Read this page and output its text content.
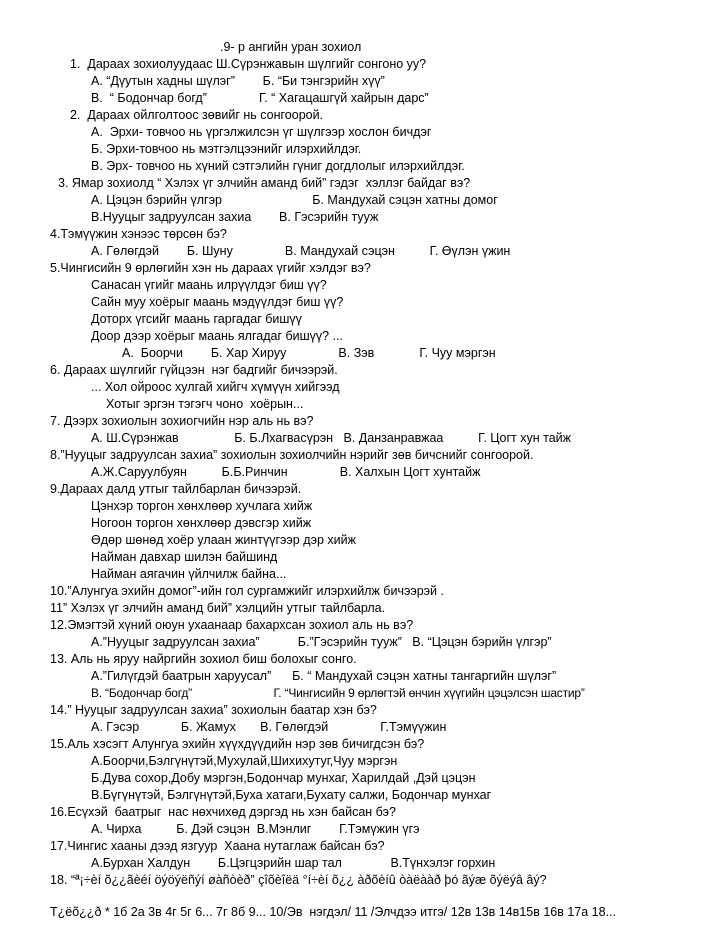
.9- р ангийн уран зохиол
1.  Дараах зохиолуудаас Ш.Сүрэнжавын шүлгийг сонгоно уу?
А. “Дүутын хадны шүлэг”        Б. “Би тэнгэрийн хүү”
В.  “ Бодончар богд”               Г. “ Хагацашгүй хайрын дарс”
2.  Дараах ойлголтоос зөвийг нь сонгоорой.
А.  Эрхи- товчоо нь үргэлжилсэн үг шүлгээр хослон бичдэг
Б. Эрхи-товчоо нь мэтгэлцээнийг илэрхийлдэг.
В. Эрх- товчоо нь хүний сэтгэлийн гүниг догдлолыг илэрхийлдэг.
3. Ямар зохиолд “ Хэлэх үг элчийн аманд бий” гэдэг  хэллэг байдаг вэ?
А. Цэцэн бэрийн үлгэр                          Б. Мандухай сэцэн хатны домог
В.Нууцыг задруулсан захиа        В. Гэсэрийн тууж
4.Тэмүүжин хэнээс төрсөн бэ?
А. Гөлөгдэй        Б. Шуну               В. Мандухай сэцэн          Г. Өүлэн үжин
5.Чингисийн 9 өрлөгийн хэн нь дараах үгийг хэлдэг вэ?
Санасан үгийг маань илрүүлдэг биш үү?
Сайн муу хоёрыг маань мэдүүлдэг биш үү?
Доторх үгсийг маань гаргадаг бишүү
Доор дээр хоёрыг маань ялгадаг бишүү? ...
А.  Боорчи        Б. Хар Хируу               В. Зэв             Г. Чуу мэргэн
6. Дараах шүлгийг гүйцээн  нэг бадгийг бичээрэй.
... Хол ойроос хулгай хийгч хүмүүн хийгээд
Хотыг эргэн тэгэгч чоно  хоёрын...
7. Дээрх зохиолын зохиогчийн нэр аль нь вэ?
А. Ш.Сүрэнжав                Б. Б.Лхагвасүрэн   В. Данзанравжаа          Г. Цогт хун тайж
8.”Нууцыг задруулсан захиа” зохиолын зохиолчийн нэрийг зөв бичснийг сонгоорой.
А.Ж.Саруулбуян          Б.Б.Ринчин               В. Халхын Цогт хунтайж
9.Дараах далд утгыг тайлбарлан бичээрэй.
Цэнхэр торгон хөнхлөөр хучлага хийж
Ногоон торгон хөнхлөөр дэвсгэр хийж
Өдөр шөнөд хоёр улаан жинтүүгээр дэр хийж
Найман давхар шилэн байшинд
Найман аягачин үйлчилж байна...
10.”Алунгуа эхийн домог”-ийн гол сургамжийг илэрхийлж бичээрэй .
11” Хэлэх үг элчийн аманд бий” хэлцийн утгыг тайлбарла.
12.Эмэгтэй хүний оюун ухаанаар бахархсан зохиол аль нь вэ?
А.”Нууцыг задруулсан захиа”           Б.”Гэсэрийн тууж”   В. “Цэцэн бэрийн үлгэр”
13. Аль нь яруу найргийн зохиол биш болохыг сонго.
А.”Гилүгдэй баатрын харуусал”      Б. “ Мандухай сэцэн хатны тангаргийн шүлэг”
В. “Бодончар богд”                          Г. “Чингисийн 9 өрлөгтэй өнчин хүүгийн цэцэлсэн шастир”
14.” Нууцыг задруулсан захиа” зохиолын баатар хэн бэ?
А. Гэсэр            Б. Жамух       В. Гөлөгдэй               Г.Тэмүүжин
15.Аль хэсэгт Алунгуа эхийн хүүхдүүдийн нэр зөв бичигдсэн бэ?
А.Боорчи,Бэлгүнүтэй,Мухулай,Шихихутуг,Чуу мэргэн
Б.Дува сохор,Добу мэргэн,Бодончар мунхаг, Харилдай ,Дэй цэцэн
В.Бүгүнүтэй, Бэлгүнүтэй,Буха хатаги,Бухату салжи, Бодончар мунхаг
16.Есүхэй  баатрыг  нас нөхчихөд дэргэд нь хэн байсан бэ?
А. Чирха          Б. Дэй сэцэн  В.Мэнлиг        Г.Тэмүжин үгэ
17.Чингис хааны дээд язгуур  Хаана нутаглаж байсан бэ?
А.Бурхан Халдун        Б.Цэгцэрийн шар тал              В.Түнхэлэг горхин
18. “ª¡÷èí õ¿¿ãèéí öýöýëñýí øàñòèð” çîõèîëä °í÷èí õ¿¿ àðõèíû òàëààð þó ãýæ õýëýâ âý?
Т¿ëõ¿¿ð * 1б 2а 3в 4г 5г 6... 7г 8б 9... 10/Эв  нэгдэл/ 11 /Элчдээ итгэ/ 12в 13в 14в15в 16в 17а 18...
